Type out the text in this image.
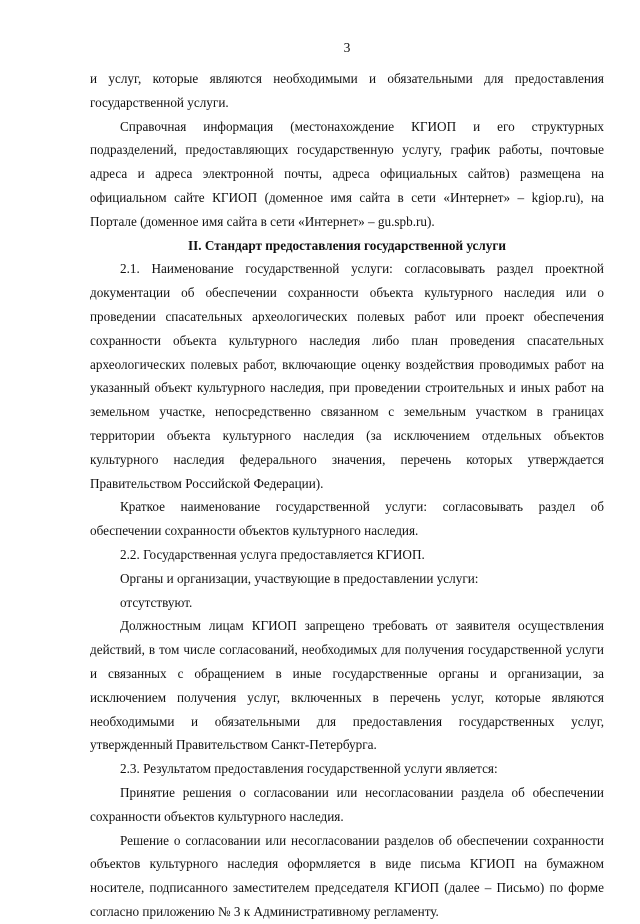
3

и услуг, которые являются необходимыми и обязательными для предоставления государственной услуги.

Справочная информация (местонахождение КГИОП и его структурных подразделений, предоставляющих государственную услугу, график работы, почтовые адреса и адреса электронной почты, адреса официальных сайтов) размещена на официальном сайте КГИОП (доменное имя сайта в сети «Интернет» – kgiop.ru), на Портале (доменное имя сайта в сети «Интернет» – gu.spb.ru).

II. Стандарт предоставления государственной услуги

2.1. Наименование государственной услуги: согласовывать раздел проектной документации об обеспечении сохранности объекта культурного наследия или о проведении спасательных археологических полевых работ или проект обеспечения сохранности объекта культурного наследия либо план проведения спасательных археологических полевых работ, включающие оценку воздействия проводимых работ на указанный объект культурного наследия, при проведении строительных и иных работ на земельном участке, непосредственно связанном с земельным участком в границах территории объекта культурного наследия (за исключением отдельных объектов культурного наследия федерального значения, перечень которых утверждается Правительством Российской Федерации).

Краткое наименование государственной услуги: согласовывать раздел об обеспечении сохранности объектов культурного наследия.

2.2. Государственная услуга предоставляется КГИОП.

Органы и организации, участвующие в предоставлении услуги:

отсутствуют.

Должностным лицам КГИОП запрещено требовать от заявителя осуществления действий, в том числе согласований, необходимых для получения государственной услуги и связанных с обращением в иные государственные органы и организации, за исключением получения услуг, включенных в перечень услуг, которые являются необходимыми и обязательными для предоставления государственных услуг, утвержденный Правительством Санкт-Петербурга.

2.3. Результатом предоставления государственной услуги является:

Принятие решения о согласовании или несогласовании раздела об обеспечении сохранности объектов культурного наследия.

Решение о согласовании или несогласовании разделов об обеспечении сохранности объектов культурного наследия оформляется в виде письма КГИОП на бумажном носителе, подписанного заместителем председателя КГИОП (далее – Письмо) по форме согласно приложению № 3 к Административному регламенту.
